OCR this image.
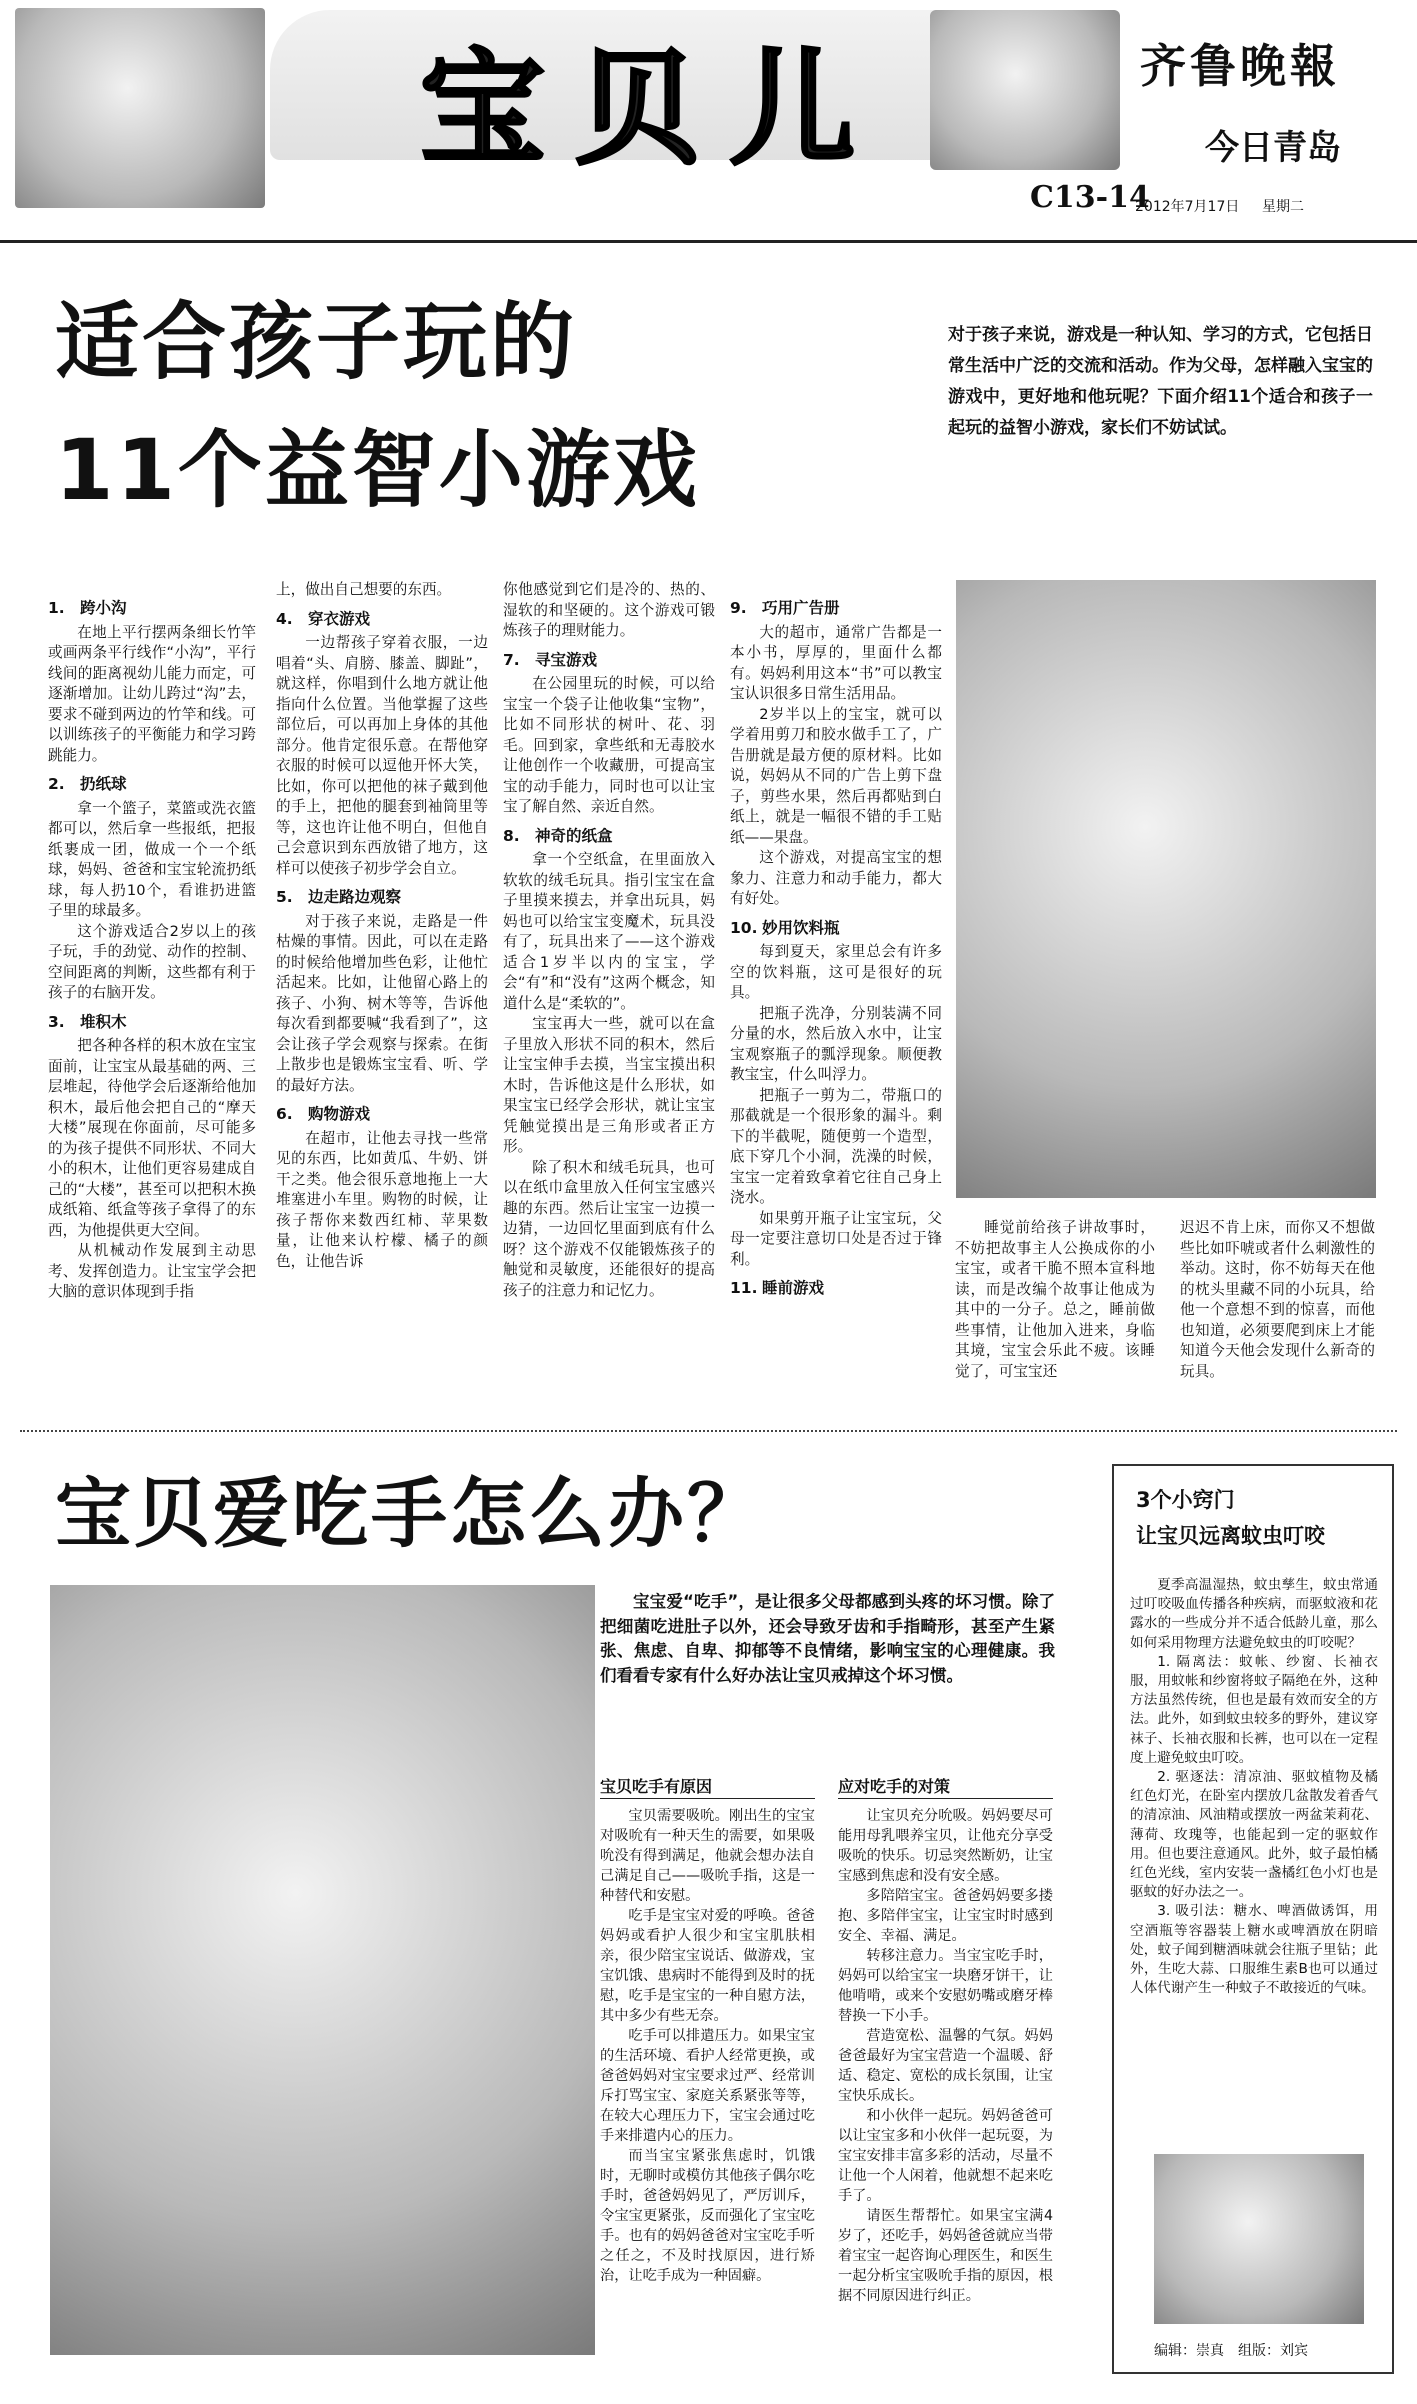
宝贝儿	齐鲁晚報
今日青岛
C13-14
2012年7月17日 星期二
适合孩子玩的
11个益智小游戏
对于孩子来说，游戏是一种认知、学习的方式，它包括日常生活中广泛的交流和活动。作为父母，怎样融入宝宝的游戏中，更好地和他玩呢？下面介绍11个适合和孩子一起玩的益智小游戏，家长们不妨试试。
1. 跨小沟

在地上平行摆两条细长竹竿或画两条平行线作“小沟”，平行线间的距离视幼儿能力而定，可逐渐增加。让幼儿跨过“沟”去，要求不碰到两边的竹竿和线。可以训练孩子的平衡能力和学习跨跳能力。

2. 扔纸球

拿一个篮子，菜篮或洗衣篮都可以，然后拿一些报纸，把报纸裹成一团，做成一个一个纸球，妈妈、爸爸和宝宝轮流扔纸球，每人扔10个，看谁扔进篮子里的球最多。

这个游戏适合2岁以上的孩子玩，手的劲觉、动作的控制、空间距离的判断，这些都有利于孩子的右脑开发。

3. 堆积木

把各种各样的积木放在宝宝面前，让宝宝从最基础的两、三层堆起，待他学会后逐渐给他加积木，最后他会把自己的“摩天大楼”展现在你面前，尽可能多的为孩子提供不同形状、不同大小的积木，让他们更容易建成自己的“大楼”，甚至可以把积木换成纸箱、纸盒等孩子拿得了的东西，为他提供更大空间。

从机械动作发展到主动思考、发挥创造力。让宝宝学会把大脑的意识体现到手指

上，做出自己想要的东西。

4. 穿衣游戏

一边帮孩子穿着衣服，一边唱着“头、肩膀、膝盖、脚趾”，就这样，你唱到什么地方就让他指向什么位置。当他掌握了这些部位后，可以再加上身体的其他部分。他肯定很乐意。在帮他穿衣服的时候可以逗他开怀大笑，比如，你可以把他的袜子戴到他的手上，把他的腿套到袖筒里等等，这也许让他不明白，但他自己会意识到东西放错了地方，这样可以使孩子初步学会自立。

5. 边走路边观察

对于孩子来说，走路是一件枯燥的事情。因此，可以在走路的时候给他增加些色彩，让他忙活起来。比如，让他留心路上的孩子、小狗、树木等等，告诉他每次看到都要喊“我看到了”，这会让孩子学会观察与探索。在街上散步也是锻炼宝宝看、听、学的最好方法。

6. 购物游戏

在超市，让他去寻找一些常见的东西，比如黄瓜、牛奶、饼干之类。他会很乐意地拖上一大堆塞进小车里。购物的时候，让孩子帮你来数西红柿、苹果数量，让他来认柠檬、橘子的颜色，让他告诉

你他感觉到它们是冷的、热的、湿软的和坚硬的。这个游戏可锻炼孩子的理财能力。

7. 寻宝游戏

在公园里玩的时候，可以给宝宝一个袋子让他收集“宝物”，比如不同形状的树叶、花、羽毛。回到家，拿些纸和无毒胶水让他创作一个收藏册，可提高宝宝的动手能力，同时也可以让宝宝了解自然、亲近自然。

8. 神奇的纸盒

拿一个空纸盒，在里面放入软软的绒毛玩具。指引宝宝在盒子里摸来摸去，并拿出玩具，妈妈也可以给宝宝变魔术，玩具没有了，玩具出来了——这个游戏适合1岁半以内的宝宝，学会“有”和“没有”这两个概念，知道什么是“柔软的”。

宝宝再大一些，就可以在盒子里放入形状不同的积木，然后让宝宝伸手去摸，当宝宝摸出积木时，告诉他这是什么形状，如果宝宝已经学会形状，就让宝宝凭触觉摸出是三角形或者正方形。

除了积木和绒毛玩具，也可以在纸巾盒里放入任何宝宝感兴趣的东西。然后让宝宝一边摸一边猜，一边回忆里面到底有什么呀？这个游戏不仅能锻炼孩子的触觉和灵敏度，还能很好的提高孩子的注意力和记忆力。

9. 巧用广告册

大的超市，通常广告都是一本小书，厚厚的，里面什么都有。妈妈利用这本“书”可以教宝宝认识很多日常生活用品。

2岁半以上的宝宝，就可以学着用剪刀和胶水做手工了，广告册就是最方便的原材料。比如说，妈妈从不同的广告上剪下盘子，剪些水果，然后再都贴到白纸上，就是一幅很不错的手工贴纸——果盘。

这个游戏，对提高宝宝的想象力、注意力和动手能力，都大有好处。

10. 妙用饮料瓶

每到夏天，家里总会有许多空的饮料瓶，这可是很好的玩具。

把瓶子洗净，分别装满不同分量的水，然后放入水中，让宝宝观察瓶子的瓢浮现象。顺便教教宝宝，什么叫浮力。

把瓶子一剪为二，带瓶口的那截就是一个很形象的漏斗。剩下的半截呢，随便剪一个造型，底下穿几个小洞，洗澡的时候，宝宝一定着致拿着它往自己身上浇水。

如果剪开瓶子让宝宝玩，父母一定要注意切口处是否过于锋利。

11. 睡前游戏
睡觉前给孩子讲故事时，不妨把故事主人公换成你的小宝宝，或者干脆不照本宣科地读，而是改编个故事让他成为其中的一分子。总之，睡前做些事情，让他加入进来，身临其境，宝宝会乐此不疲。该睡觉了，可宝宝还
迟迟不肯上床，而你又不想做些比如吓唬或者什么刺激性的举动。这时，你不妨每天在他的枕头里藏不同的小玩具，给他一个意想不到的惊喜，而他也知道，必须要爬到床上才能知道今天他会发现什么新奇的玩具。
宝贝爱吃手怎么办？
宝宝爱“吃手”，是让很多父母都感到头疼的坏习惯。除了把细菌吃进肚子以外，还会导致牙齿和手指畸形，甚至产生紧张、焦虑、自卑、抑郁等不良情绪，影响宝宝的心理健康。我们看看专家有什么好办法让宝贝戒掉这个坏习惯。
宝贝吃手有原因

宝贝需要吸吮。刚出生的宝宝对吸吮有一种天生的需要，如果吸吮没有得到满足，他就会想办法自己满足自己——吸吮手指，这是一种替代和安慰。

吃手是宝宝对爱的呼唤。爸爸妈妈或看护人很少和宝宝肌肤相亲，很少陪宝宝说话、做游戏，宝宝饥饿、患病时不能得到及时的抚慰，吃手是宝宝的一种自慰方法，其中多少有些无奈。

吃手可以排遣压力。如果宝宝的生活环境、看护人经常更换，或爸爸妈妈对宝宝要求过严、经常训斥打骂宝宝、家庭关系紧张等等，在较大心理压力下，宝宝会通过吃手来排遣内心的压力。

而当宝宝紧张焦虑时，饥饿时，无聊时或模仿其他孩子偶尔吃手时，爸爸妈妈见了，严厉训斥，令宝宝更紧张，反而强化了宝宝吃手。也有的妈妈爸爸对宝宝吃手听之任之，不及时找原因，进行矫治，让吃手成为一种固癖。

应对吃手的对策

让宝贝充分吮吸。妈妈要尽可能用母乳喂养宝贝，让他充分享受吸吮的快乐。切忌突然断奶，让宝宝感到焦虑和没有安全感。

多陪陪宝宝。爸爸妈妈要多搂抱、多陪伴宝宝，让宝宝时时感到安全、幸福、满足。

转移注意力。当宝宝吃手时，妈妈可以给宝宝一块磨牙饼干，让他啃啃，或来个安慰奶嘴或磨牙棒替换一下小手。

营造宽松、温馨的气氛。妈妈爸爸最好为宝宝营造一个温暖、舒适、稳定、宽松的成长氛围，让宝宝快乐成长。

和小伙伴一起玩。妈妈爸爸可以让宝宝多和小伙伴一起玩耍，为宝宝安排丰富多彩的活动，尽量不让他一个人闲着，他就想不起来吃手了。

请医生帮帮忙。如果宝宝满4岁了，还吃手，妈妈爸爸就应当带着宝宝一起咨询心理医生，和医生一起分析宝宝吸吮手指的原因，根据不同原因进行纠正。

3个小窍门
让宝贝远离蚊虫叮咬

夏季高温湿热，蚊虫孳生，蚊虫常通过叮咬吸血传播各种疾病，而驱蚊液和花露水的一些成分并不适合低龄儿童，那么如何采用物理方法避免蚊虫的叮咬呢？

1. 隔离法：蚊帐、纱窗、长袖衣服，用蚊帐和纱窗将蚊子隔绝在外，这种方法虽然传统，但也是最有效而安全的方法。此外，如到蚊虫较多的野外，建议穿袜子、长袖衣服和长裤，也可以在一定程度上避免蚊虫叮咬。

2. 驱逐法：清凉油、驱蚊植物及橘红色灯光，在卧室内摆放几盆散发着香气的清凉油、风油精或摆放一两盆茉莉花、薄荷、玫瑰等，也能起到一定的驱蚊作用。但也要注意通风。此外，蚊子最怕橘红色光线，室内安装一盏橘红色小灯也是驱蚊的好办法之一。

3. 吸引法：糖水、啤酒做诱饵，用空酒瓶等容器装上糖水或啤酒放在阴暗处，蚊子闻到糖酒味就会往瓶子里钻；此外，生吃大蒜、口服维生素B也可以通过人体代谢产生一种蚊子不敢接近的气味。

编辑：崇真　组版：刘宾
